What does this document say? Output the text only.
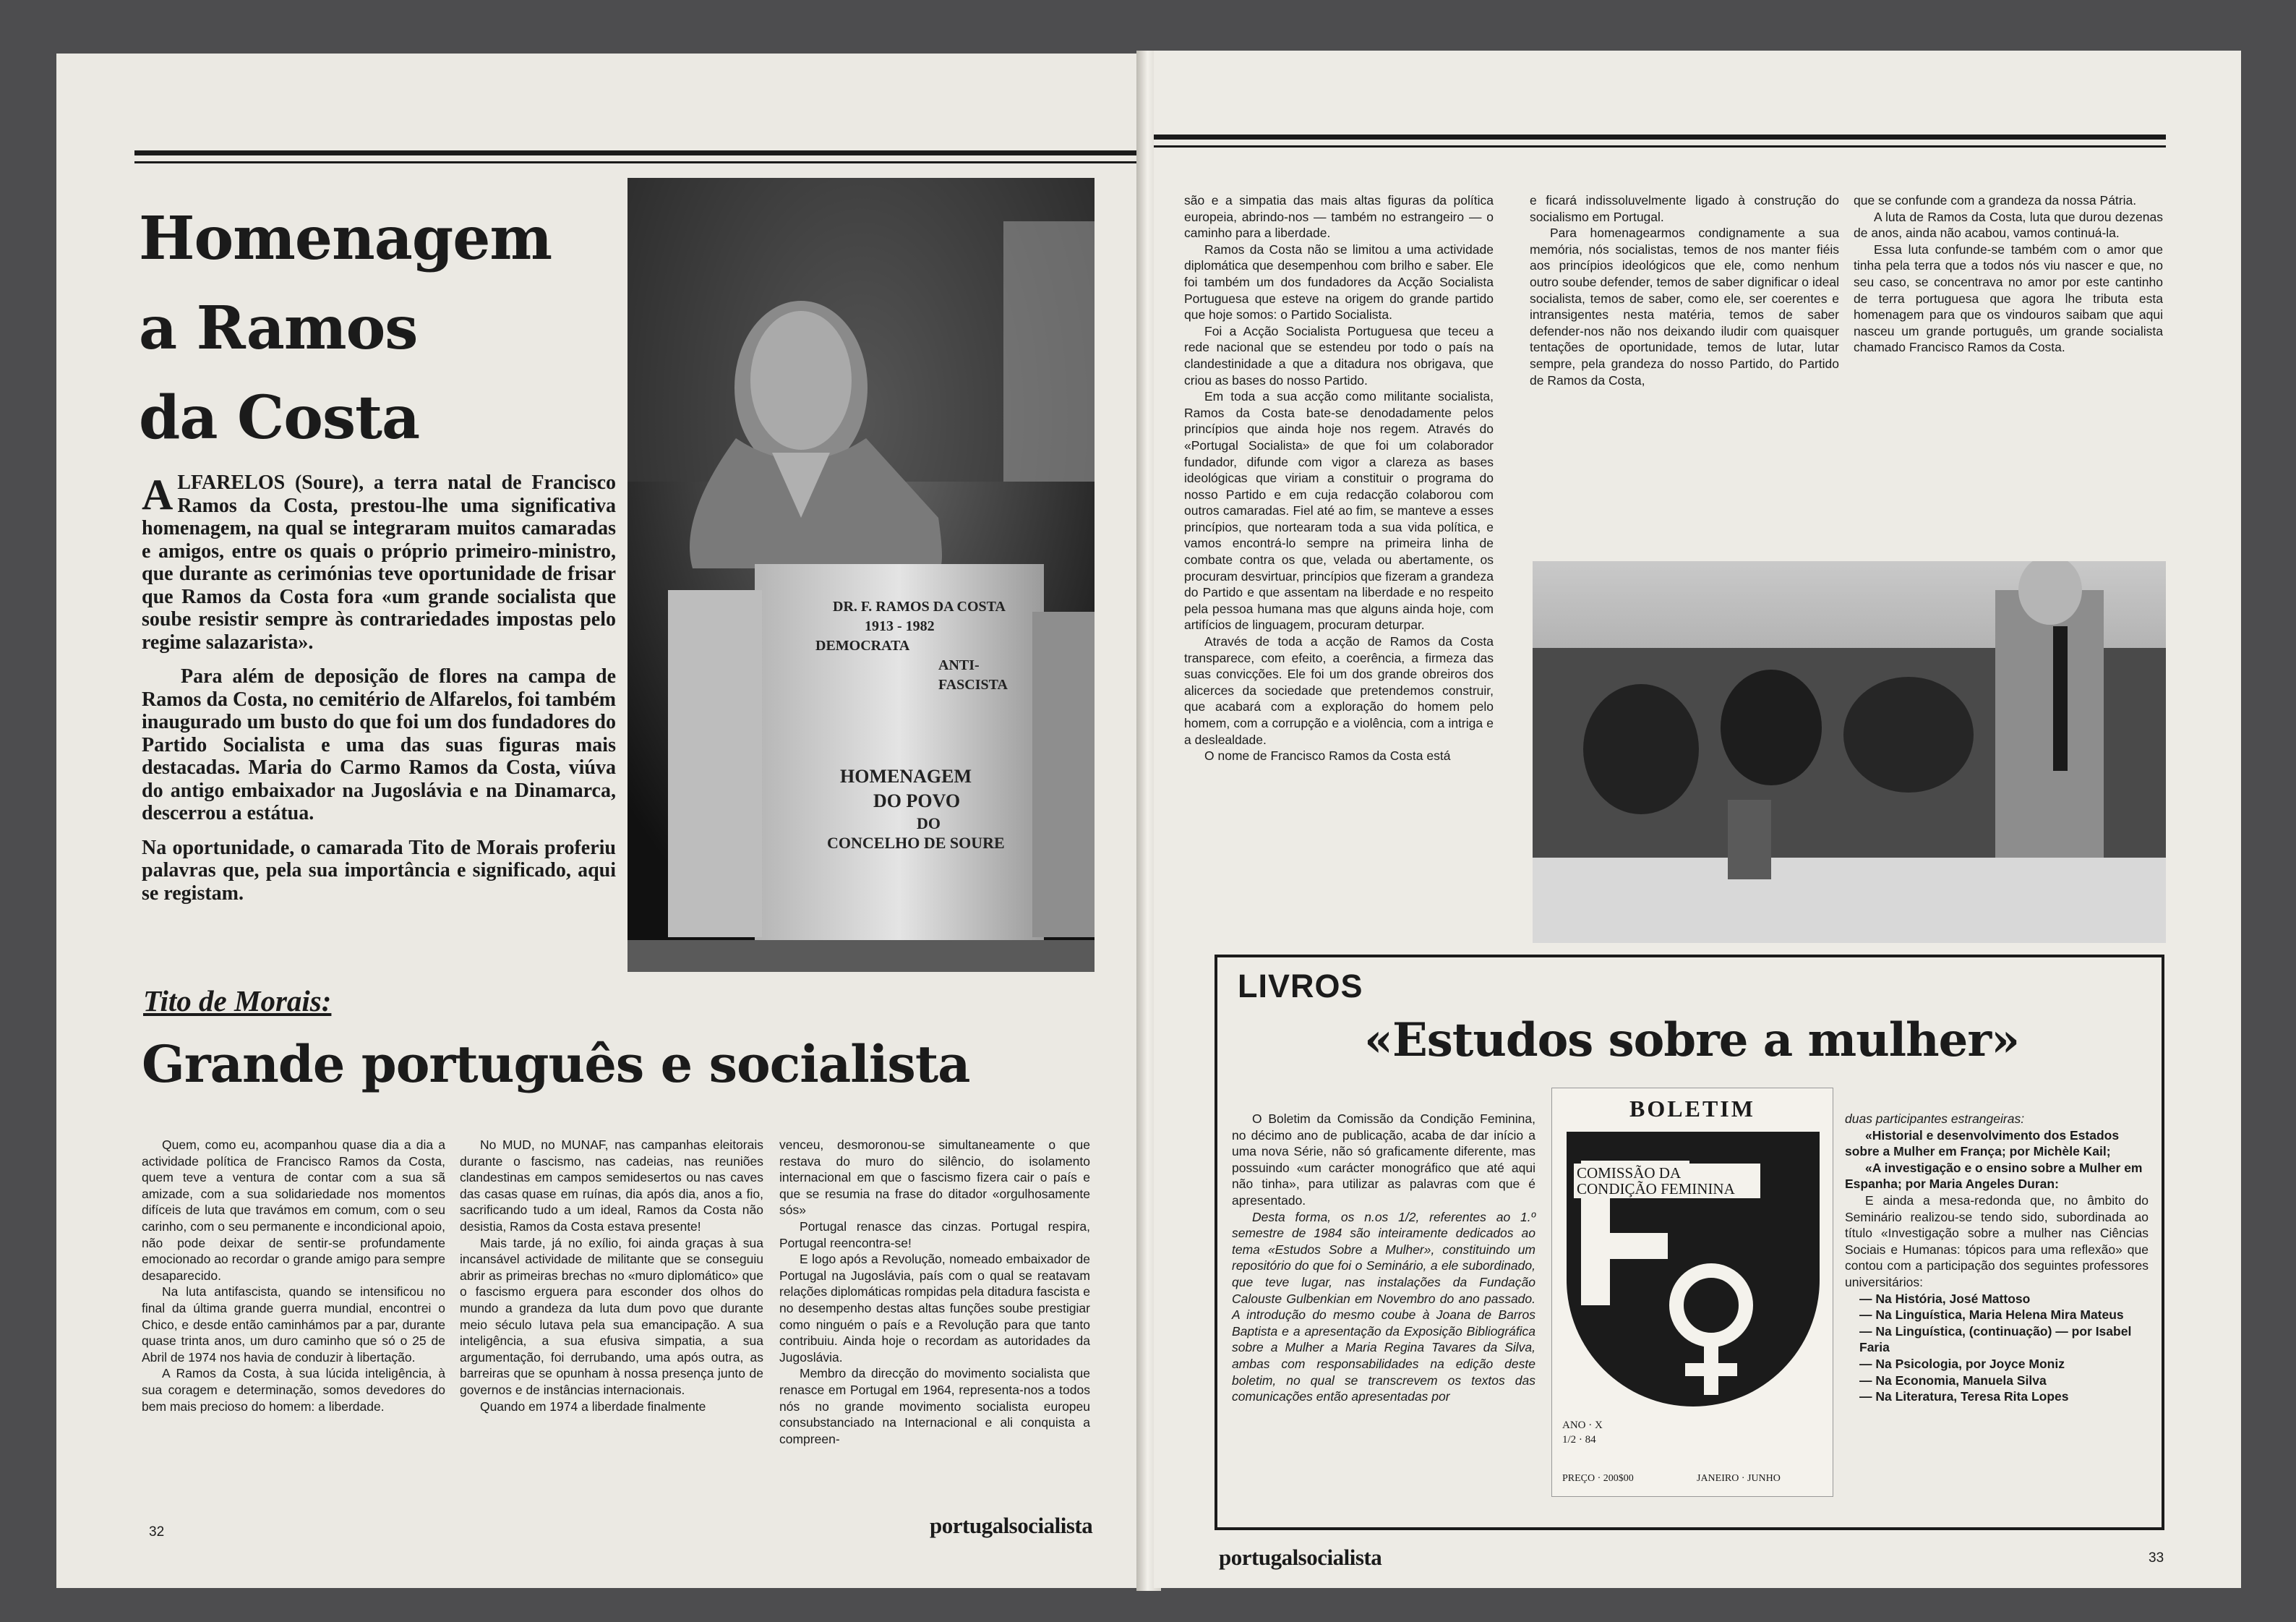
Homenagem
a Ramos
da Costa

ALFARELOS (Soure), a terra natal de Francisco Ramos da Costa, prestou-lhe uma significativa homenagem, na qual se integraram muitos camaradas e amigos, entre os quais o próprio primeiro-ministro, que durante as cerimónias teve oportunidade de frisar que Ramos da Costa fora «um grande socialista que soube resistir sempre às contrariedades impostas pelo regime salazarista».

Para além de deposição de flores na campa de Ramos da Costa, no cemitério de Alfarelos, foi também inaugurado um busto do que foi um dos fundadores do Partido Socialista e uma das suas figuras mais destacadas. Maria do Carmo Ramos da Costa, viúva do antigo embaixador na Jugoslávia e na Dinamarca, descerrou a estátua.

Na oportunidade, o camarada Tito de Morais proferiu palavras que, pela sua importância e significado, aqui se registam.

DR. F. RAMOS DA COSTA
1913 - 1982
DEMOCRATA
ANTI-FASCISTA
HOMENAGEM
DO POVO
DO
CONCELHO DE SOURE
Tito de Morais:
Grande português e socialista

Quem, como eu, acompanhou quase dia a dia a actividade política de Francisco Ramos da Costa, quem teve a ventura de contar com a sua sã amizade, com a sua solidariedade nos momentos difíceis de luta que travámos em comum, com o seu carinho, com o seu permanente e incondicional apoio, não pode deixar de sentir-se profundamente emocionado ao recordar o grande amigo para sempre desaparecido.

Na luta antifascista, quando se intensificou no final da última grande guerra mundial, encontrei o Chico, e desde então caminhámos par a par, durante quase trinta anos, um duro caminho que só o 25 de Abril de 1974 nos havia de conduzir à libertação.

A Ramos da Costa, à sua lúcida inteligência, à sua coragem e determinação, somos devedores do bem mais precioso do homem: a liberdade.

No MUD, no MUNAF, nas campanhas eleitorais durante o fascismo, nas cadeias, nas reuniões clandestinas em campos semidesertos ou nas caves das casas quase em ruínas, dia após dia, anos a fio, sacrificando tudo a um ideal, Ramos da Costa não desistia, Ramos da Costa estava presente!

Mais tarde, já no exílio, foi ainda graças à sua incansável actividade de militante que se conseguiu abrir as primeiras brechas no «muro diplomático» que o fascismo erguera para esconder dos olhos do mundo a grandeza da luta dum povo que durante meio século lutava pela sua emancipação. A sua inteligência, a sua efusiva simpatia, a sua argumentação, foi derrubando, uma após outra, as barreiras que se opunham à nossa presença junto de governos e de instâncias internacionais.

Quando em 1974 a liberdade finalmente

venceu, desmoronou-se simultaneamente o que restava do muro do silêncio, do isolamento internacional em que o fascismo fizera cair o país e que se resumia na frase do ditador «orgulhosamente sós»

Portugal renasce das cinzas. Portugal respira, Portugal reencontra-se!

E logo após a Revolução, nomeado embaixador de Portugal na Jugoslávia, país com o qual se reatavam relações diplomáticas rompidas pela ditadura fascista e no desempenho destas altas funções soube prestigiar como ninguém o país e a Revolução para que tanto contribuiu. Ainda hoje o recordam as autoridades da Jugoslávia.

Membro da direcção do movimento socialista que renasce em Portugal em 1964, representa-nos a todos nós no grande movimento socialista europeu consubstanciado na Internacional e ali conquista a compreen-

32	portugalsocialista

são e a simpatia das mais altas figuras da política europeia, abrindo-nos — também no estrangeiro — o caminho para a liberdade.

Ramos da Costa não se limitou a uma actividade diplomática que desempenhou com brilho e saber. Ele foi também um dos fundadores da Acção Socialista Portuguesa que esteve na origem do grande partido que hoje somos: o Partido Socialista.

Foi a Acção Socialista Portuguesa que teceu a rede nacional que se estendeu por todo o país na clandestinidade a que a ditadura nos obrigava, que criou as bases do nosso Partido.

Em toda a sua acção como militante socialista, Ramos da Costa bate-se denodadamente pelos princípios que ainda hoje nos regem. Através do «Portugal Socialista» de que foi um colaborador fundador, difunde com vigor a clareza as bases ideológicas que viriam a constituir o programa do nosso Partido e em cuja redacção colaborou com outros camaradas. Fiel até ao fim, se manteve a esses princípios, que nortearam toda a sua vida política, e vamos encontrá-lo sempre na primeira linha de combate contra os que, velada ou abertamente, os procuram desvirtuar, princípios que fizeram a grandeza do Partido e que assentam na liberdade e no respeito pela pessoa humana mas que alguns ainda hoje, com artifícios de linguagem, procuram deturpar.

Através de toda a acção de Ramos da Costa transparece, com efeito, a coerência, a firmeza das suas convicções. Ele foi um dos grande obreiros dos alicerces da sociedade que pretendemos construir, que acabará com a exploração do homem pelo homem, com a corrupção e a violência, com a intriga e a deslealdade.

O nome de Francisco Ramos da Costa está

e ficará indissoluvelmente ligado à construção do socialismo em Portugal.

Para homenagearmos condignamente a sua memória, nós socialistas, temos de nos manter fiéis aos princípios ideológicos que ele, como nenhum outro soube defender, temos de saber dignificar o ideal socialista, temos de saber, como ele, ser coerentes e intransigentes nesta matéria, temos de saber defender-nos não nos deixando iludir com quaisquer tentações de oportunidade, temos de lutar, lutar sempre, pela grandeza do nosso Partido, do Partido de Ramos da Costa,

que se confunde com a grandeza da nossa Pátria.

A luta de Ramos da Costa, luta que durou dezenas de anos, ainda não acabou, vamos continuá-la.

Essa luta confunde-se também com o amor que tinha pela terra que a todos nós viu nascer e que, no seu caso, se concentrava no amor por este cantinho de terra portuguesa que agora lhe tributa esta homenagem para que os vindouros saibam que aqui nasceu um grande português, um grande socialista chamado Francisco Ramos da Costa.

LIVROS
«Estudos sobre a mulher»

O Boletim da Comissão da Condição Feminina, no décimo ano de publicação, acaba de dar início a uma nova Série, não só graficamente diferente, mas possuindo «um carácter monográfico que até aqui não tinha», para utilizar as palavras com que é apresentado.

Desta forma, os n.os 1/2, referentes ao 1.º semestre de 1984 são inteiramente dedicados ao tema «Estudos Sobre a Mulher», constituindo um repositório do que foi o Seminário, a ele subordinado, que teve lugar, nas instalações da Fundação Calouste Gulbenkian em Novembro do ano passado. A introdução do mesmo coube à Joana de Barros Baptista e a apresentação da Exposição Bibliográfica sobre a Mulher a Maria Regina Tavares da Silva, ambas com responsabilidades na edição deste boletim, no qual se transcrevem os textos das comunicações então apresentadas por

BOLETIM
COMISSÃO DA
CONDIÇÃO FEMININA
ANO · X
1/2 · 84
PREÇO · 200$00	JANEIRO · JUNHO
duas participantes estrangeiras:
«Historial e desenvolvimento dos Estados sobre a Mulher em França; por Michèle Kail;
«A investigação e o ensino sobre a Mulher em Espanha; por Maria Angeles Duran:

E ainda a mesa-redonda que, no âmbito do Seminário realizou-se tendo sido, subordinada ao título «Investigação sobre a mulher nas Ciências Sociais e Humanas: tópicos para uma reflexão» que contou com a participação dos seguintes professores universitários:

— Na História, José Mattoso
— Na Linguística, Maria Helena Mira Mateus
— Na Linguística, (continuação) — por Isabel Faria
— Na Psicologia, por Joyce Moniz
— Na Economia, Manuela Silva
— Na Literatura, Teresa Rita Lopes
portugalsocialista	33
